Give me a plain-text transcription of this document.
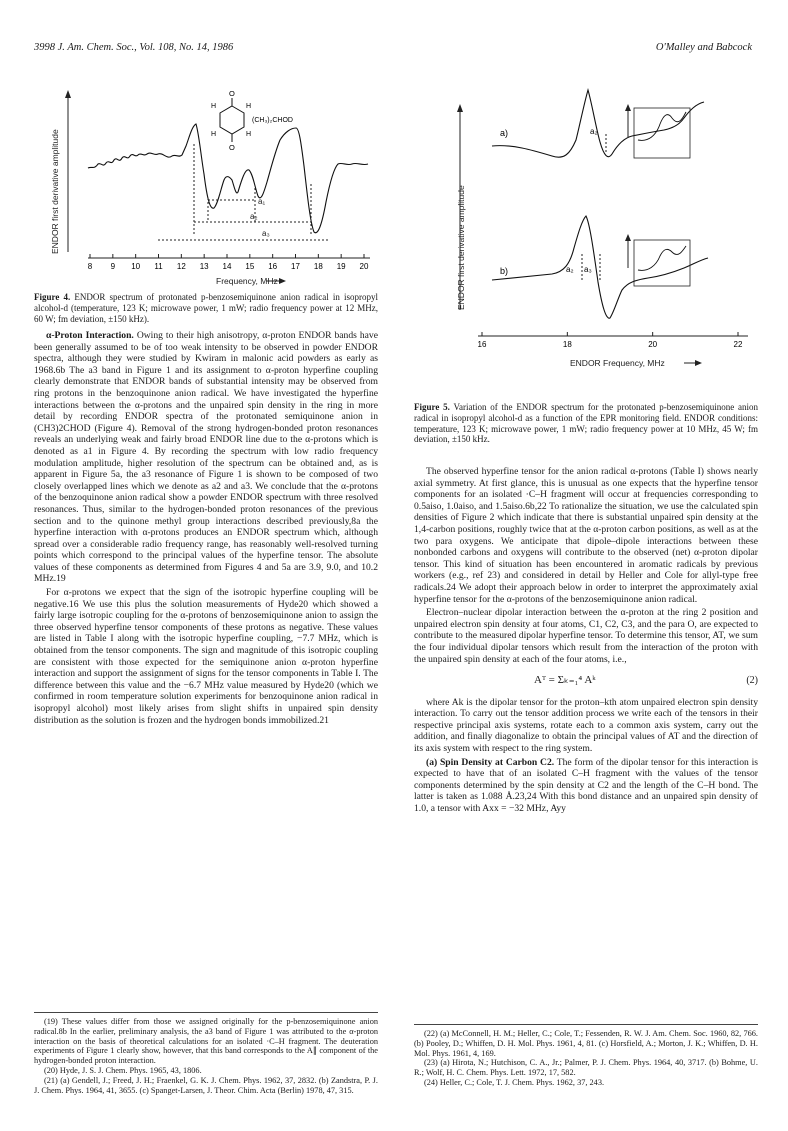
3998 J. Am. Chem. Soc., Vol. 108, No. 14, 1986	O'Malley and Babcock
ENDOR first derivative amplitude
8 9 10 11 12 13 14 15 16 17 18 19 20
Frequency, MHz
a₁
a₂
a₃
O
O
H	H
H	H
(CH₃)₂CHOD
Figure 4. ENDOR spectrum of protonated p-benzosemiquinone anion radical in isopropyl alcohol-d (temperature, 123 K; microwave power, 1 mW; radio frequency power at 12 MHz, 60 W; fm deviation, ±150 kHz).
ENDOR first derivative amplitude
16	18	20	22
ENDOR Frequency, MHz
a)	a₂
b)	a₂ a₃
Figure 5. Variation of the ENDOR spectrum for the protonated p-benzosemiquinone anion radical in isopropyl alcohol-d as a function of the EPR monitoring field. ENDOR conditions: temperature, 123 K; microwave power, 1 mW; radio frequency power at 10 MHz, 45 W; fm deviation, ±150 kHz.

α-Proton Interaction. Owing to their high anisotropy, α-proton ENDOR bands have been generally assumed to be of too weak intensity to be observed in powder ENDOR spectra, although they were studied by Kwiram in malonic acid powders as early as 1968.6b The a3 band in Figure 1 and its assignment to α-proton hyperfine coupling clearly demonstrate that ENDOR bands of substantial intensity may be observed from ring protons in the benzoquinone anion radical. We have investigated the hyperfine interactions between the α-protons and the unpaired spin density in the ring in more detail by recording ENDOR spectra of the protonated semiquinone anion in (CH3)2CHOD (Figure 4). Removal of the strong hydrogen-bonded proton resonances reveals an underlying weak and fairly broad ENDOR line due to the α-protons which is denoted as a1 in Figure 4. By recording the spectrum with low radio frequency modulation amplitude, higher resolution of the spectrum can be obtained and, as is apparent in Figure 5a, the a3 resonance of Figure 1 is shown to be composed of two closely overlapped lines which we denote as a2 and a3. We conclude that the α-protons of the benzoquinone anion radical show a powder ENDOR spectrum with three resolved resonances. Thus, similar to the hydrogen-bonded proton resonances of the previous section and to the quinone methyl group interactions described previously,8a the hyperfine interaction with α-protons produces an ENDOR spectrum which, although spread over a considerable radio frequency range, has reasonably well-resolved turning points which correspond to the principal values of the hyperfine tensor. The absolute values of these components as determined from Figures 4 and 5a are 3.9, 9.0, and 10.2 MHz.19

For α-protons we expect that the sign of the isotropic hyperfine coupling will be negative.16 We use this plus the solution measurements of Hyde20 which showed a fairly large isotropic coupling for the α-protons of benzosemiquinone anion to assign the three observed hyperfine tensor components of these protons as negative. These values are listed in Table I along with the isotropic hyperfine coupling, −7.7 MHz, which is obtained from the tensor components. The sign and magnitude of this isotropic coupling are consistent with those expected for the semiquinone anion α-proton hyperfine interaction and support the assignment of signs for the tensor components in Table I. The difference between this value and the −6.7 MHz value measured by Hyde20 (which we confirmed in room temperature solution experiments for benzoquinone anion radical in isopropyl alcohol) most likely arises from slight shifts in unpaired spin density distribution as the solution is frozen and the hydrogen bonds immobilized.21

The observed hyperfine tensor for the anion radical α-protons (Table I) shows nearly axial symmetry. At first glance, this is unusual as one expects that the hyperfine tensor components for an isolated ·C–H fragment will occur at frequencies corresponding to 0.5aiso, 1.0aiso, and 1.5aiso.6b,22 To rationalize the situation, we use the calculated spin densities of Figure 2 which indicate that there is substantial unpaired spin density at the 1,4-carbon positions, roughly twice that at the α-proton carbon positions, as well as at the two para oxygens. We anticipate that dipole–dipole interactions between these nonbonded carbons and oxygens will contribute to the observed (net) α-proton dipolar tensor. This kind of situation has been encountered in aromatic radicals by previous workers (e.g., ref 23) and considered in detail by Heller and Cole for allyl-type free radicals.24 We adopt their approach below in order to interpret the approximately axial hyperfine tensor for the α-protons of the benzosemiquinone anion radical.

Electron–nuclear dipolar interaction between the α-proton at the ring 2 position and unpaired electron spin density at four atoms, C1, C2, C3, and the para O, are expected to contribute to the measured dipolar hyperfine tensor. To determine this tensor, AT, we sum the four individual dipolar tensors which result from the interaction of the proton with the unpaired spin density at each of the four atoms, i.e.,

Aᵀ = Σₖ₌₁⁴ Aᵏ	(2)

where Ak is the dipolar tensor for the proton–kth atom unpaired electron spin density interaction. To carry out the tensor addition process we write each of the tensors in their respective principal axis systems, rotate each to a common axis system, carry out the addition, and finally diagonalize to obtain the principal values of AT and the direction of its axis system with respect to the ring system.

(a) Spin Density at Carbon C2. The form of the dipolar tensor for this interaction is expected to have that of an isolated C–H fragment with the values of the tensor components determined by the spin density at C2 and the length of the C–H bond. The latter is taken as 1.088 Å.23,24 With this bond distance and an unpaired spin density of 1.0, a tensor with Axx = −32 MHz, Ayy

(19) These values differ from those we assigned originally for the p-benzosemiquinone anion radical.8b In the earlier, preliminary analysis, the a3 band of Figure 1 was attributed to the α-proton interaction on the basis of theoretical calculations for an isolated ·C–H fragment. The deuteration experiments of Figure 1 clearly show, however, that this band corresponds to the A∥ component of the hydrogen-bonded proton interaction.

(20) Hyde, J. S. J. Chem. Phys. 1965, 43, 1806.

(21) (a) Gendell, J.; Freed, J. H.; Fraenkel, G. K. J. Chem. Phys. 1962, 37, 2832. (b) Zandstra, P. J. J. Chem. Phys. 1964, 41, 3655. (c) Spanget-Larsen, J. Theor. Chim. Acta (Berlin) 1978, 47, 315.

(22) (a) McConnell, H. M.; Heller, C.; Cole, T.; Fessenden, R. W. J. Am. Chem. Soc. 1960, 82, 766. (b) Pooley, D.; Whiffen, D. H. Mol. Phys. 1961, 4, 81. (c) Horsfield, A.; Morton, J. K.; Whiffen, D. H. Mol. Phys. 1961, 4, 169.

(23) (a) Hirota, N.; Hutchison, C. A., Jr.; Palmer, P. J. Chem. Phys. 1964, 40, 3717. (b) Bohme, U. R.; Wolf, H. C. Chem. Phys. Lett. 1972, 17, 582.

(24) Heller, C.; Cole, T. J. Chem. Phys. 1962, 37, 243.
